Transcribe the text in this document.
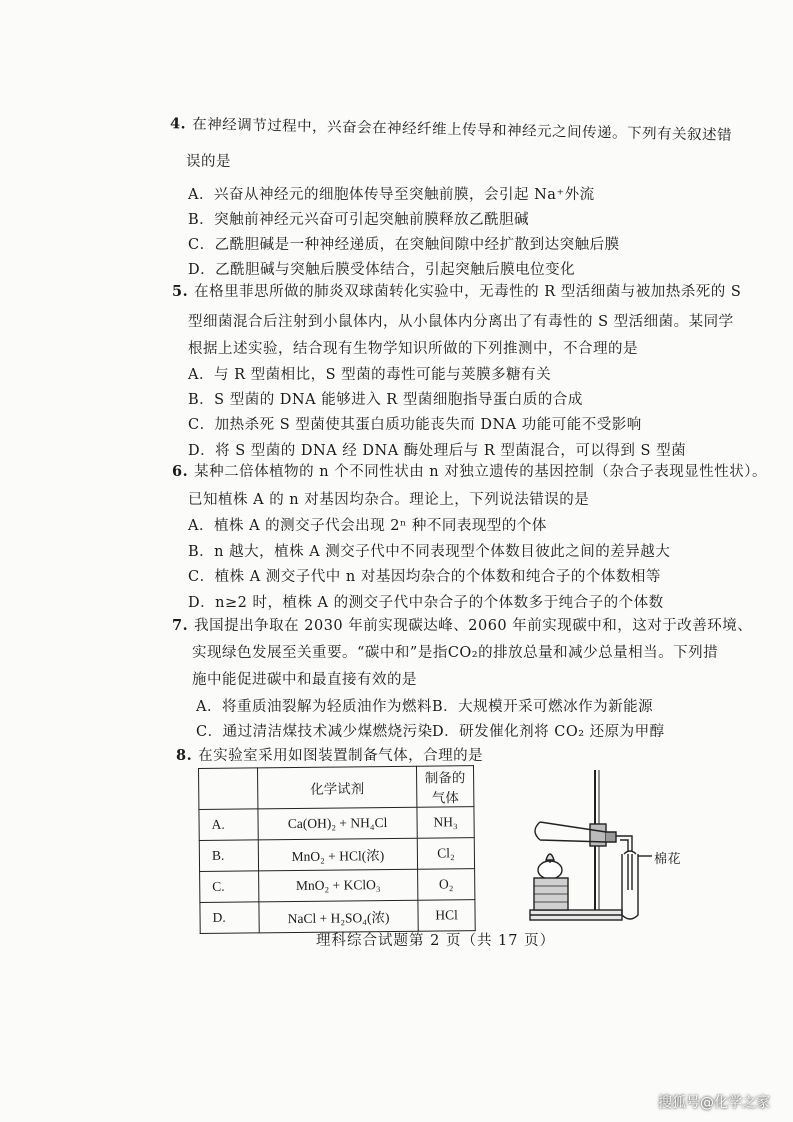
4. 在神经调节过程中，兴奋会在神经纤维上传导和神经元之间传递。下列有关叙述错
误的是
A．兴奋从神经元的细胞体传导至突触前膜，会引起 Na⁺外流
B．突触前神经元兴奋可引起突触前膜释放乙酰胆碱
C．乙酰胆碱是一种神经递质，在突触间隙中经扩散到达突触后膜
D．乙酰胆碱与突触后膜受体结合，引起突触后膜电位变化
5. 在格里菲思所做的肺炎双球菌转化实验中，无毒性的 R 型活细菌与被加热杀死的 S
型细菌混合后注射到小鼠体内，从小鼠体内分离出了有毒性的 S 型活细菌。某同学
根据上述实验，结合现有生物学知识所做的下列推测中，不合理的是
A．与 R 型菌相比，S 型菌的毒性可能与荚膜多糖有关
B．S 型菌的 DNA 能够进入 R 型菌细胞指导蛋白质的合成
C．加热杀死 S 型菌使其蛋白质功能丧失而 DNA 功能可能不受影响
D．将 S 型菌的 DNA 经 DNA 酶处理后与 R 型菌混合，可以得到 S 型菌
6. 某种二倍体植物的 n 个不同性状由 n 对独立遗传的基因控制（杂合子表现显性性状）。
已知植株 A 的 n 对基因均杂合。理论上，下列说法错误的是
A．植株 A 的测交子代会出现 2ⁿ 种不同表现型的个体
B．n 越大，植株 A 测交子代中不同表现型个体数目彼此之间的差异越大
C．植株 A 测交子代中 n 对基因均杂合的个体数和纯合子的个体数相等
D．n≥2 时，植株 A 的测交子代中杂合子的个体数多于纯合子的个体数
7. 我国提出争取在 2030 年前实现碳达峰、2060 年前实现碳中和，这对于改善环境、
实现绿色发展至关重要。“碳中和”是指CO₂的排放总量和减少总量相当。下列措
施中能促进碳中和最直接有效的是
A．将重质油裂解为轻质油作为燃料 B．大规模开采可燃冰作为新能源
C．通过清洁煤技术减少煤燃烧污染 D．研发催化剂将 CO₂ 还原为甲醇
8. 在实验室采用如图装置制备气体，合理的是
	化学试剂	制备的气体
A.	Ca(OH)₂ + NH₄Cl	NH₃
B.	MnO₂ + HCl(浓)	Cl₂
C.	MnO₂ + KClO₃	O₂
D.	NaCl + H₂SO₄(浓)	HCl
棉花
理科综合试题第 2 页（共 17 页）
搜狐号@化学之家
